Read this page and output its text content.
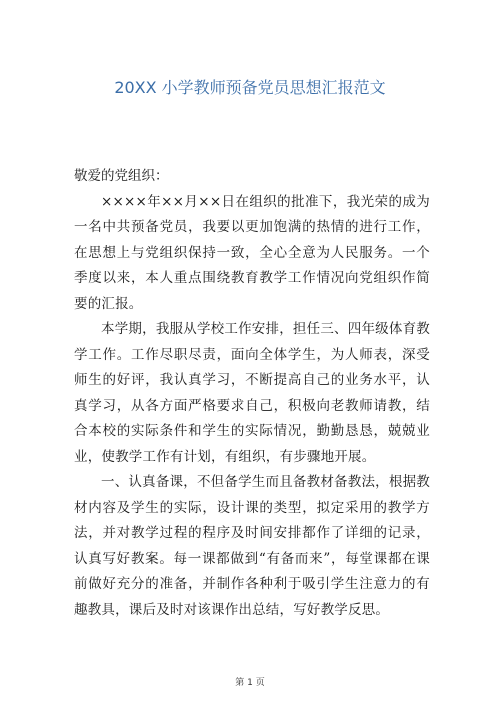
20XX 小学教师预备党员思想汇报范文

敬爱的党组织：

××××年××月××日在组织的批准下，我光荣的成为一名中共预备党员，我要以更加饱满的热情的进行工作，在思想上与党组织保持一致，全心全意为人民服务。一个季度以来，本人重点围绕教育教学工作情况向党组织作简要的汇报。

本学期，我服从学校工作安排，担任三、四年级体育教学工作。工作尽职尽责，面向全体学生，为人师表，深受师生的好评，我认真学习，不断提高自己的业务水平，认真学习，从各方面严格要求自己，积极向老教师请教，结合本校的实际条件和学生的实际情况，勤勤恳恳，兢兢业业，使教学工作有计划，有组织，有步骤地开展。

一、认真备课，不但备学生而且备教材备教法，根据教材内容及学生的实际，设计课的类型，拟定采用的教学方法，并对教学过程的程序及时间安排都作了详细的记录，认真写好教案。每一课都做到“有备而来”，每堂课都在课前做好充分的准备，并制作各种利于吸引学生注意力的有趣教具，课后及时对该课作出总结，写好教学反思。

第 1 页
